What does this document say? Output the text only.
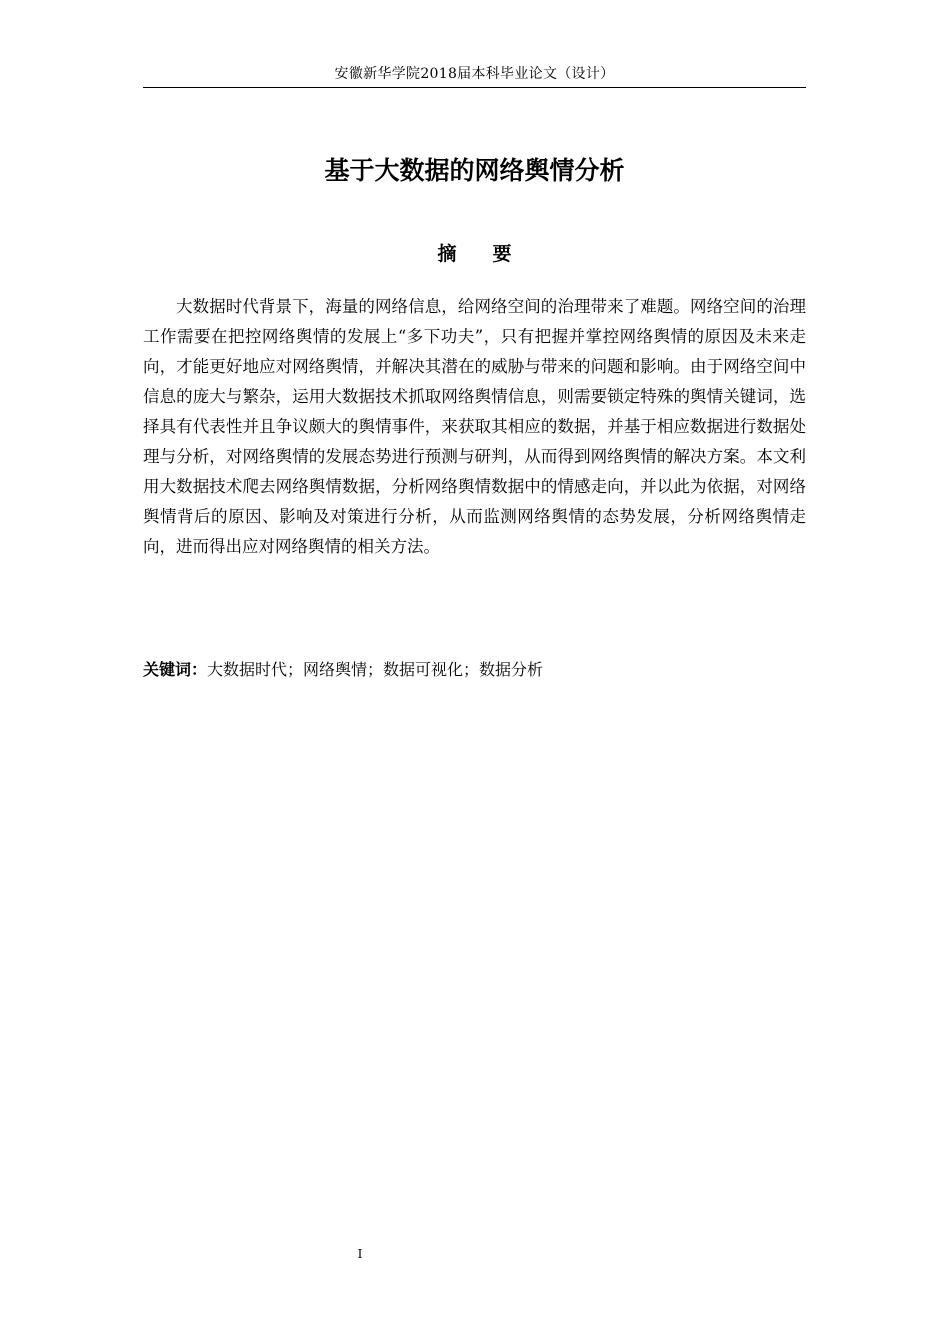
安徽新华学院2018届本科毕业论文（设计）
基于大数据的网络舆情分析
摘要

大数据时代背景下，海量的网络信息，给网络空间的治理带来了难题。网络空间的治理工作需要在把控网络舆情的发展上“多下功夫”，只有把握并掌控网络舆情的原因及未来走向，才能更好地应对网络舆情，并解决其潜在的威胁与带来的问题和影响。由于网络空间中信息的庞大与繁杂，运用大数据技术抓取网络舆情信息，则需要锁定特殊的舆情关键词，选择具有代表性并且争议颇大的舆情事件，来获取其相应的数据，并基于相应数据进行数据处理与分析，对网络舆情的发展态势进行预测与研判，从而得到网络舆情的解决方案。本文利用大数据技术爬去网络舆情数据，分析网络舆情数据中的情感走向，并以此为依据，对网络舆情背后的原因、影响及对策进行分析，从而监测网络舆情的态势发展，分析网络舆情走向，进而得出应对网络舆情的相关方法。

关键词：大数据时代；网络舆情；数据可视化；数据分析

I
